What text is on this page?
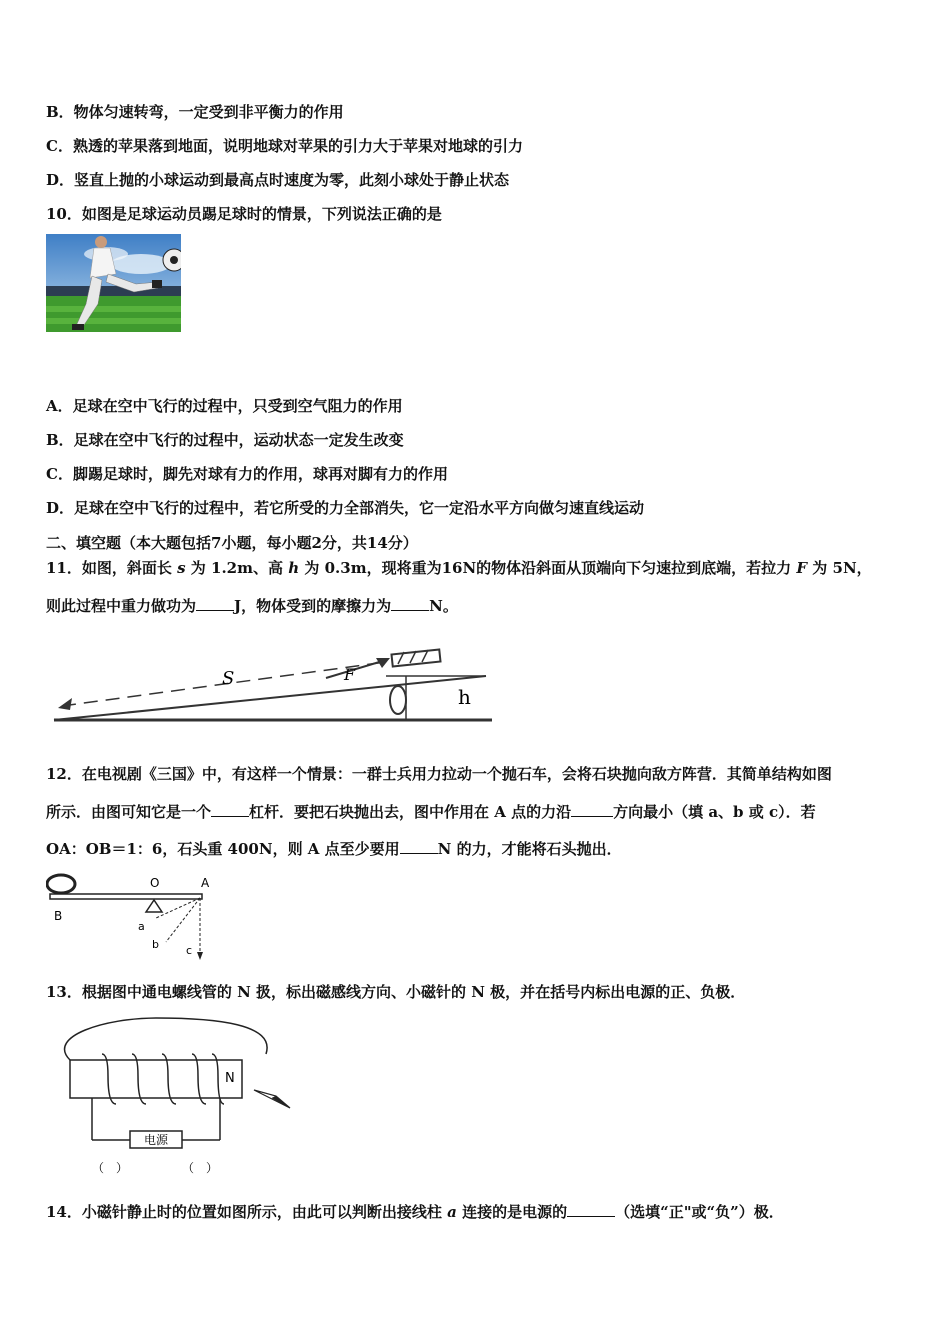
B．物体匀速转弯，一定受到非平衡力的作用
C．熟透的苹果落到地面，说明地球对苹果的引力大于苹果对地球的引力
D．竖直上抛的小球运动到最高点时速度为零，此刻小球处于静止状态
10．如图是足球运动员踢足球时的情景，下列说法正确的是
A．足球在空中飞行的过程中，只受到空气阻力的作用
B．足球在空中飞行的过程中，运动状态一定发生改变
C．脚踢足球时，脚先对球有力的作用，球再对脚有力的作用
D．足球在空中飞行的过程中，若它所受的力全部消失，它一定沿水平方向做匀速直线运动
二、填空题（本大题包括7小题，每小题2分，共14分）
11．如图，斜面长 s 为 1.2m、高 h 为 0.3m，现将重为16N的物体沿斜面从顶端向下匀速拉到底端，若拉力 F 为 5N，
则此过程中重力做功为	J，物体受到的摩擦力为	N。
S	F
h
12．在电视剧《三国》中，有这样一个情景：一群士兵用力拉动一个抛石车，会将石块抛向敌方阵营．其简单结构如图
所示．由图可知它是一个	杠杆．要把石块抛出去，图中作用在 A 点的力沿	方向最小（填 a、b 或 c）．若
OA：OB＝1：6，石头重 400N，则 A 点至少要用	N 的力，才能将石头抛出．
O	A
B
a
b c
13．根据图中通电螺线管的 N 扱，标出磁感线方向、小磁针的 N 极，并在括号内标出电源的正、负极．
N
电源
（　）	（　）
14．小磁针静止时的位置如图所示，由此可以判断出接线柱 a 连接的是电源的	（选填“正"或“负”）极．
